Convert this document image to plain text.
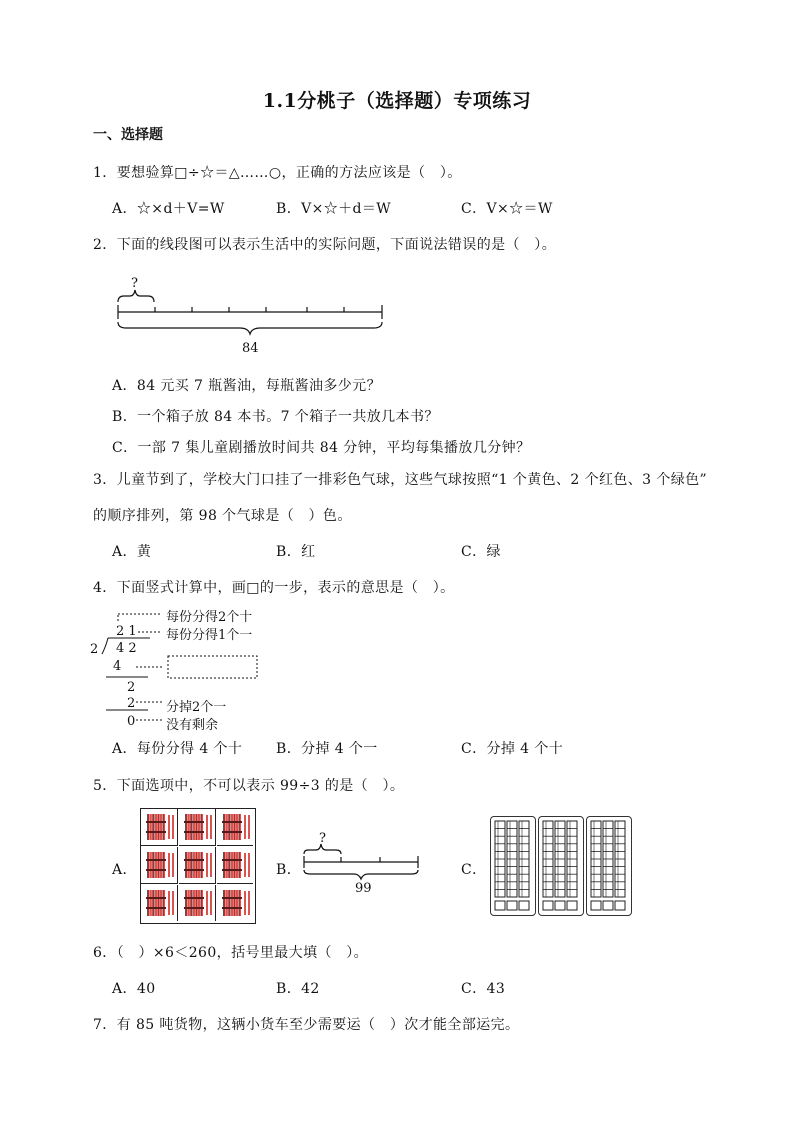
1.1分桃子（选择题）专项练习
一、选择题
1．要想验算□÷☆＝△……○，正确的方法应该是（　）。
A．☆×d＋V=W	B．V×☆＋d＝W	C．V×☆＝W
2．下面的线段图可以表示生活中的实际问题，下面说法错误的是（　）。
?
84
A．84 元买 7 瓶酱油，每瓶酱油多少元？
B．一个箱子放 84 本书。7 个箱子一共放几本书？
C．一部 7 集儿童剧播放时间共 84 分钟，平均每集播放几分钟？
3．儿童节到了，学校大门口挂了一排彩色气球，这些气球按照“1 个黄色、2 个红色、3 个绿色”
的顺序排列，第 98 个气球是（　）色。
A．黄	B．红	C．绿
4．下面竖式计算中，画□的一步，表示的意思是（　）。
每份分得2个十
2 1 每份分得1个一
2 4 2
4
2
2 分掉2个一
0 没有剩余
A．每份分得 4 个十 B．分掉 4 个一	C．分掉 4 个十
5．下面选项中，不可以表示 99÷3 的是（　）。
A．	B．	C．
?
99
6．（　）×6＜260，括号里最大填（　）。
A．40	B．42	C．43
7．有 85 吨货物，这辆小货车至少需要运（　）次才能全部运完。
